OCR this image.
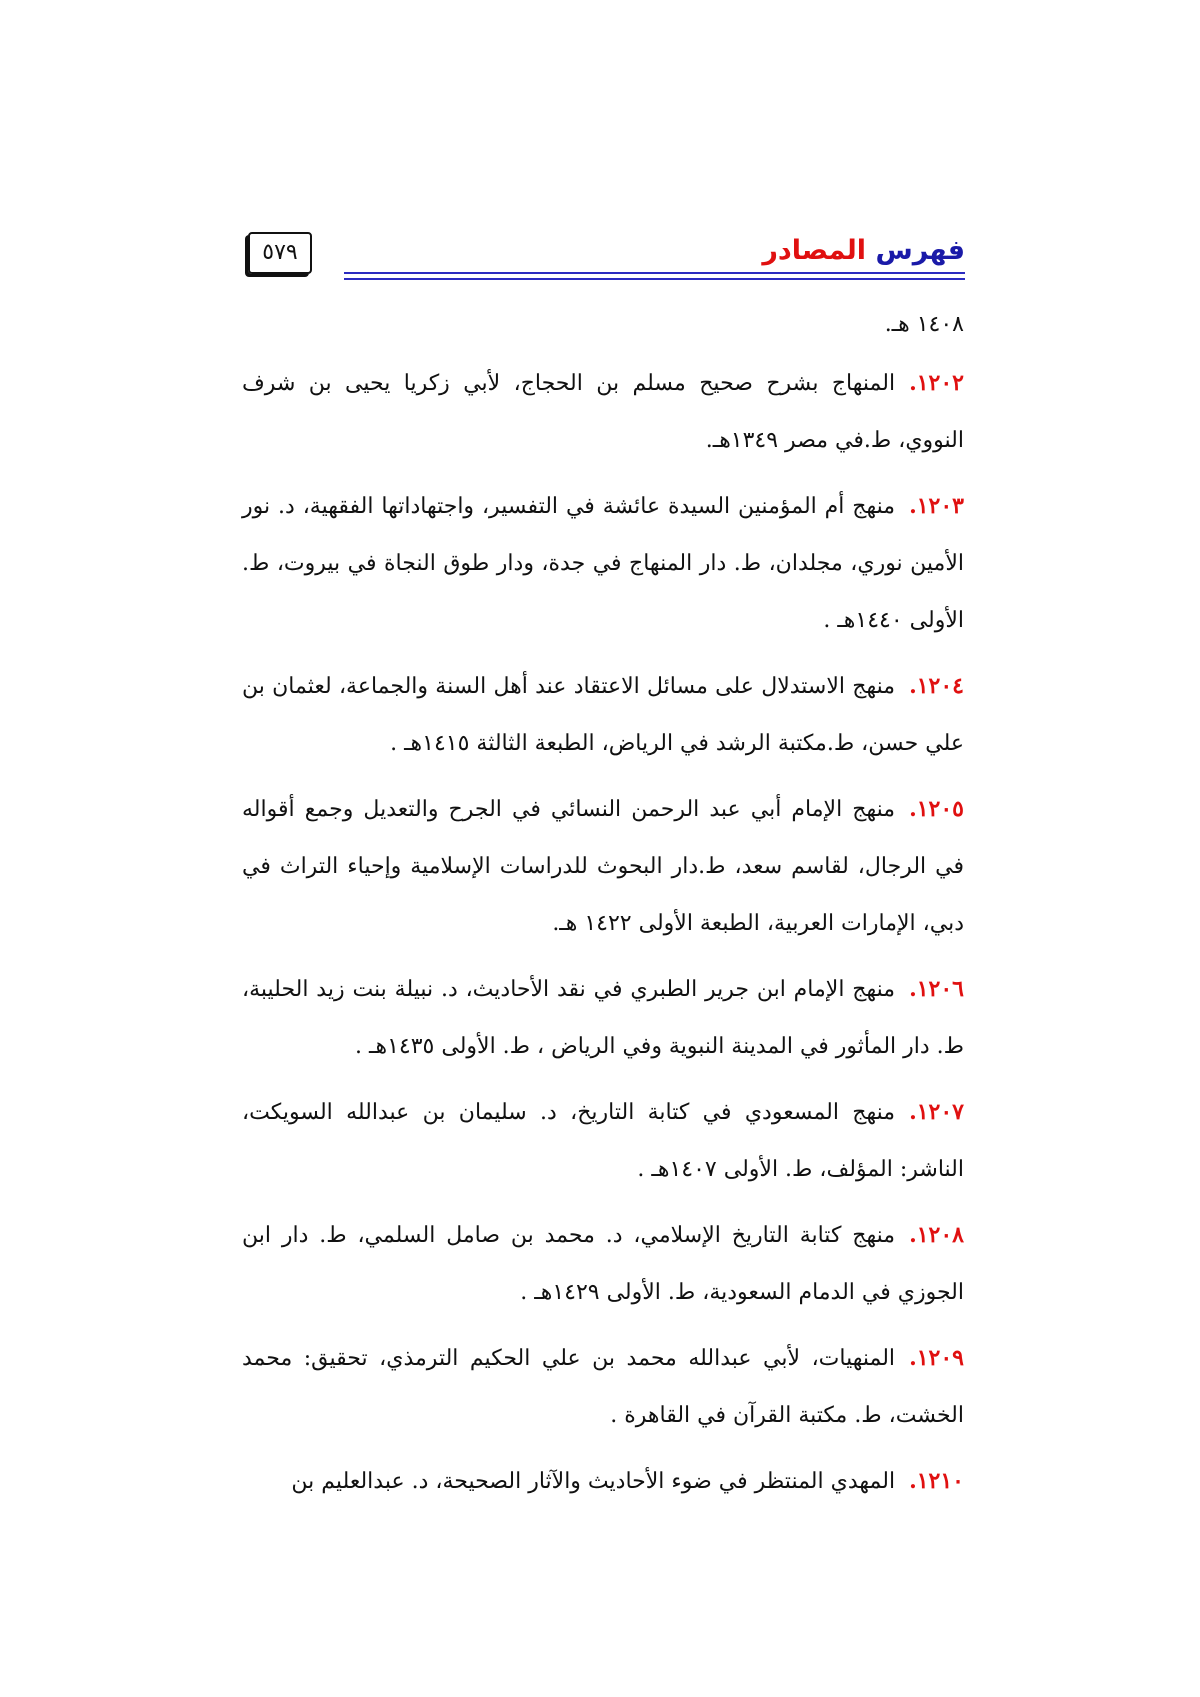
فهرس المصادر
٥٧٩

١٤٠٨ هـ.

١٢٠٢.المنهاج بشرح صحيح مسلم بن الحجاج، لأبي زكريا يحيى بن شرف النووي، ط.في مصر ١٣٤٩هـ.

١٢٠٣.منهج أم المؤمنين السيدة عائشة في التفسير، واجتهاداتها الفقهية، د. نور الأمين نوري، مجلدان، ط. دار المنهاج في جدة، ودار طوق النجاة في بيروت، ط. الأولى ١٤٤٠هـ .

١٢٠٤.منهج الاستدلال على مسائل الاعتقاد عند أهل السنة والجماعة، لعثمان بن علي حسن، ط.مكتبة الرشد في الرياض، الطبعة الثالثة ١٤١٥هـ .

١٢٠٥.منهج الإمام أبي عبد الرحمن النسائي في الجرح والتعديل وجمع أقواله في الرجال، لقاسم سعد، ط.دار البحوث للدراسات الإسلامية وإحياء التراث في دبي، الإمارات العربية، الطبعة الأولى ١٤٢٢ هـ.

١٢٠٦.منهج الإمام ابن جرير الطبري في نقد الأحاديث، د. نبيلة بنت زيد الحليبة، ط. دار المأثور في المدينة النبوية وفي الرياض ، ط. الأولى ١٤٣٥هـ .

١٢٠٧.منهج المسعودي في كتابة التاريخ، د. سليمان بن عبدالله السويكت، الناشر: المؤلف، ط. الأولى ١٤٠٧هـ .

١٢٠٨.منهج كتابة التاريخ الإسلامي، د. محمد بن صامل السلمي، ط. دار ابن الجوزي في الدمام السعودية، ط. الأولى ١٤٢٩هـ .

١٢٠٩.المنهيات، لأبي عبدالله محمد بن علي الحكيم الترمذي، تحقيق: محمد الخشت، ط. مكتبة القرآن في القاهرة .

١٢١٠.المهدي المنتظر في ضوء الأحاديث والآثار الصحيحة، د. عبدالعليم بن
